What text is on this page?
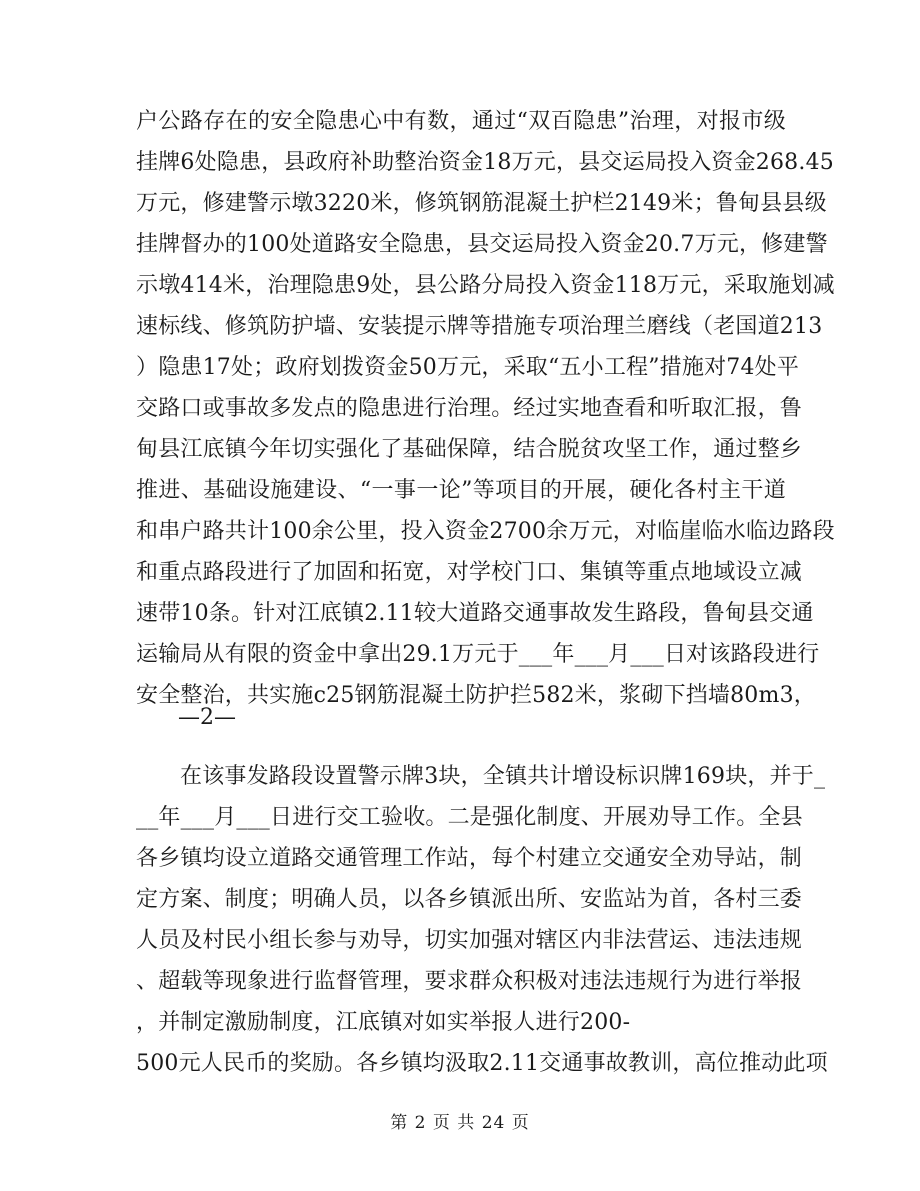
户公路存在的安全隐患心中有数，通过“双百隐患”治理，对报市级
挂牌6处隐患，县政府补助整治资金18万元，县交运局投入资金268.45
万元，修建警示墩3220米，修筑钢筋混凝土护栏2149米；鲁甸县县级
挂牌督办的100处道路安全隐患，县交运局投入资金20.7万元，修建警
示墩414米，治理隐患9处，县公路分局投入资金118万元，采取施划减
速标线、修筑防护墙、安装提示牌等措施专项治理兰磨线（老国道213
）隐患17处；政府划拨资金50万元，采取“五小工程”措施对74处平
交路口或事故多发点的隐患进行治理。经过实地查看和听取汇报，鲁
甸县江底镇今年切实强化了基础保障，结合脱贫攻坚工作，通过整乡
推进、基础设施建设、“一事一论”等项目的开展，硬化各村主干道
和串户路共计100余公里，投入资金2700余万元，对临崖临水临边路段
和重点路段进行了加固和拓宽，对学校门口、集镇等重点地域设立减
速带10条。针对江底镇2.11较大道路交通事故发生路段，鲁甸县交通
运输局从有限的资金中拿出29.1万元于___年___月___日对该路段进行
安全整治，共实施c25钢筋混凝土防护拦582米，浆砌下挡墙80m3，
—2—
在该事发路段设置警示牌3块，全镇共计增设标识牌169块，并于_
__年___月___日进行交工验收。二是强化制度、开展劝导工作。全县
各乡镇均设立道路交通管理工作站，每个村建立交通安全劝导站，制
定方案、制度；明确人员，以各乡镇派出所、安监站为首，各村三委
人员及村民小组长参与劝导，切实加强对辖区内非法营运、违法违规
、超载等现象进行监督管理，要求群众积极对违法违规行为进行举报
，并制定激励制度，江底镇对如实举报人进行200-
500元人民币的奖励。各乡镇均汲取2.11交通事故教训，高位推动此项
第 2 页 共 24 页
